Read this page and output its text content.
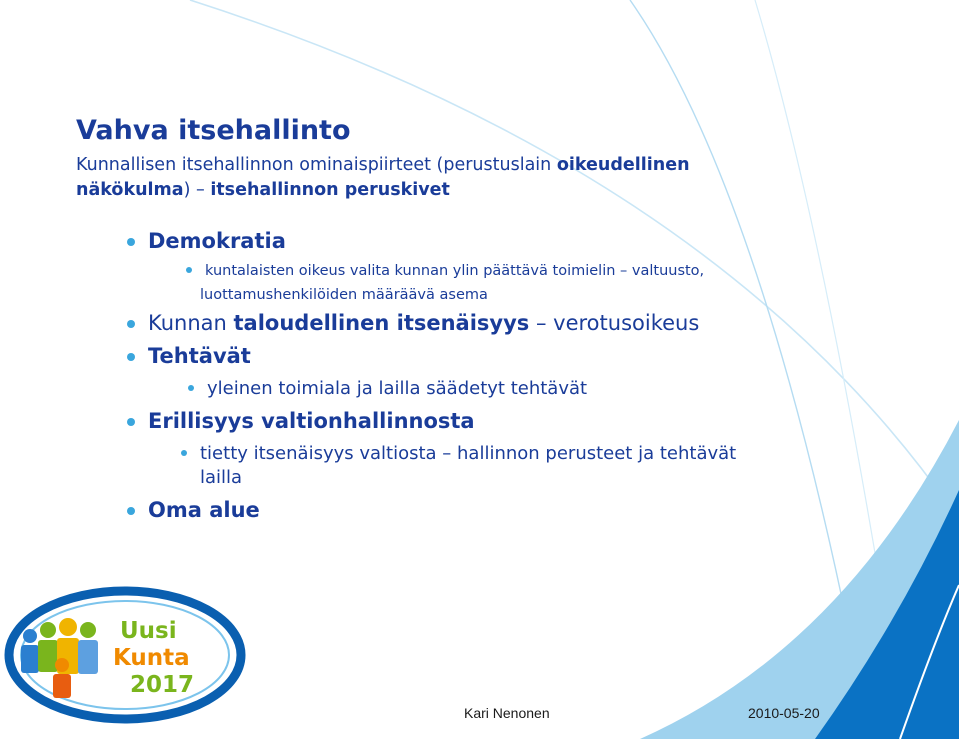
Uusi
Kunta
2017
Vahva itsehallinto
Kunnallisen itsehallinnon ominaispiirteet (perustuslain oikeudellinen näkökulma) – itsehallinnon peruskivet
Demokratia
kuntalaisten oikeus valita kunnan ylin päättävä toimielin – valtuusto,
luottamushenkilöiden määräävä asema
Kunnan taloudellinen itsenäisyys – verotusoikeus
Tehtävät
yleinen toimiala ja lailla säädetyt tehtävät
Erillisyys valtionhallinnosta
tietty itsenäisyys valtiosta – hallinnon perusteet ja tehtävät
lailla
Oma alue
Kari Nenonen	2010-05-20
